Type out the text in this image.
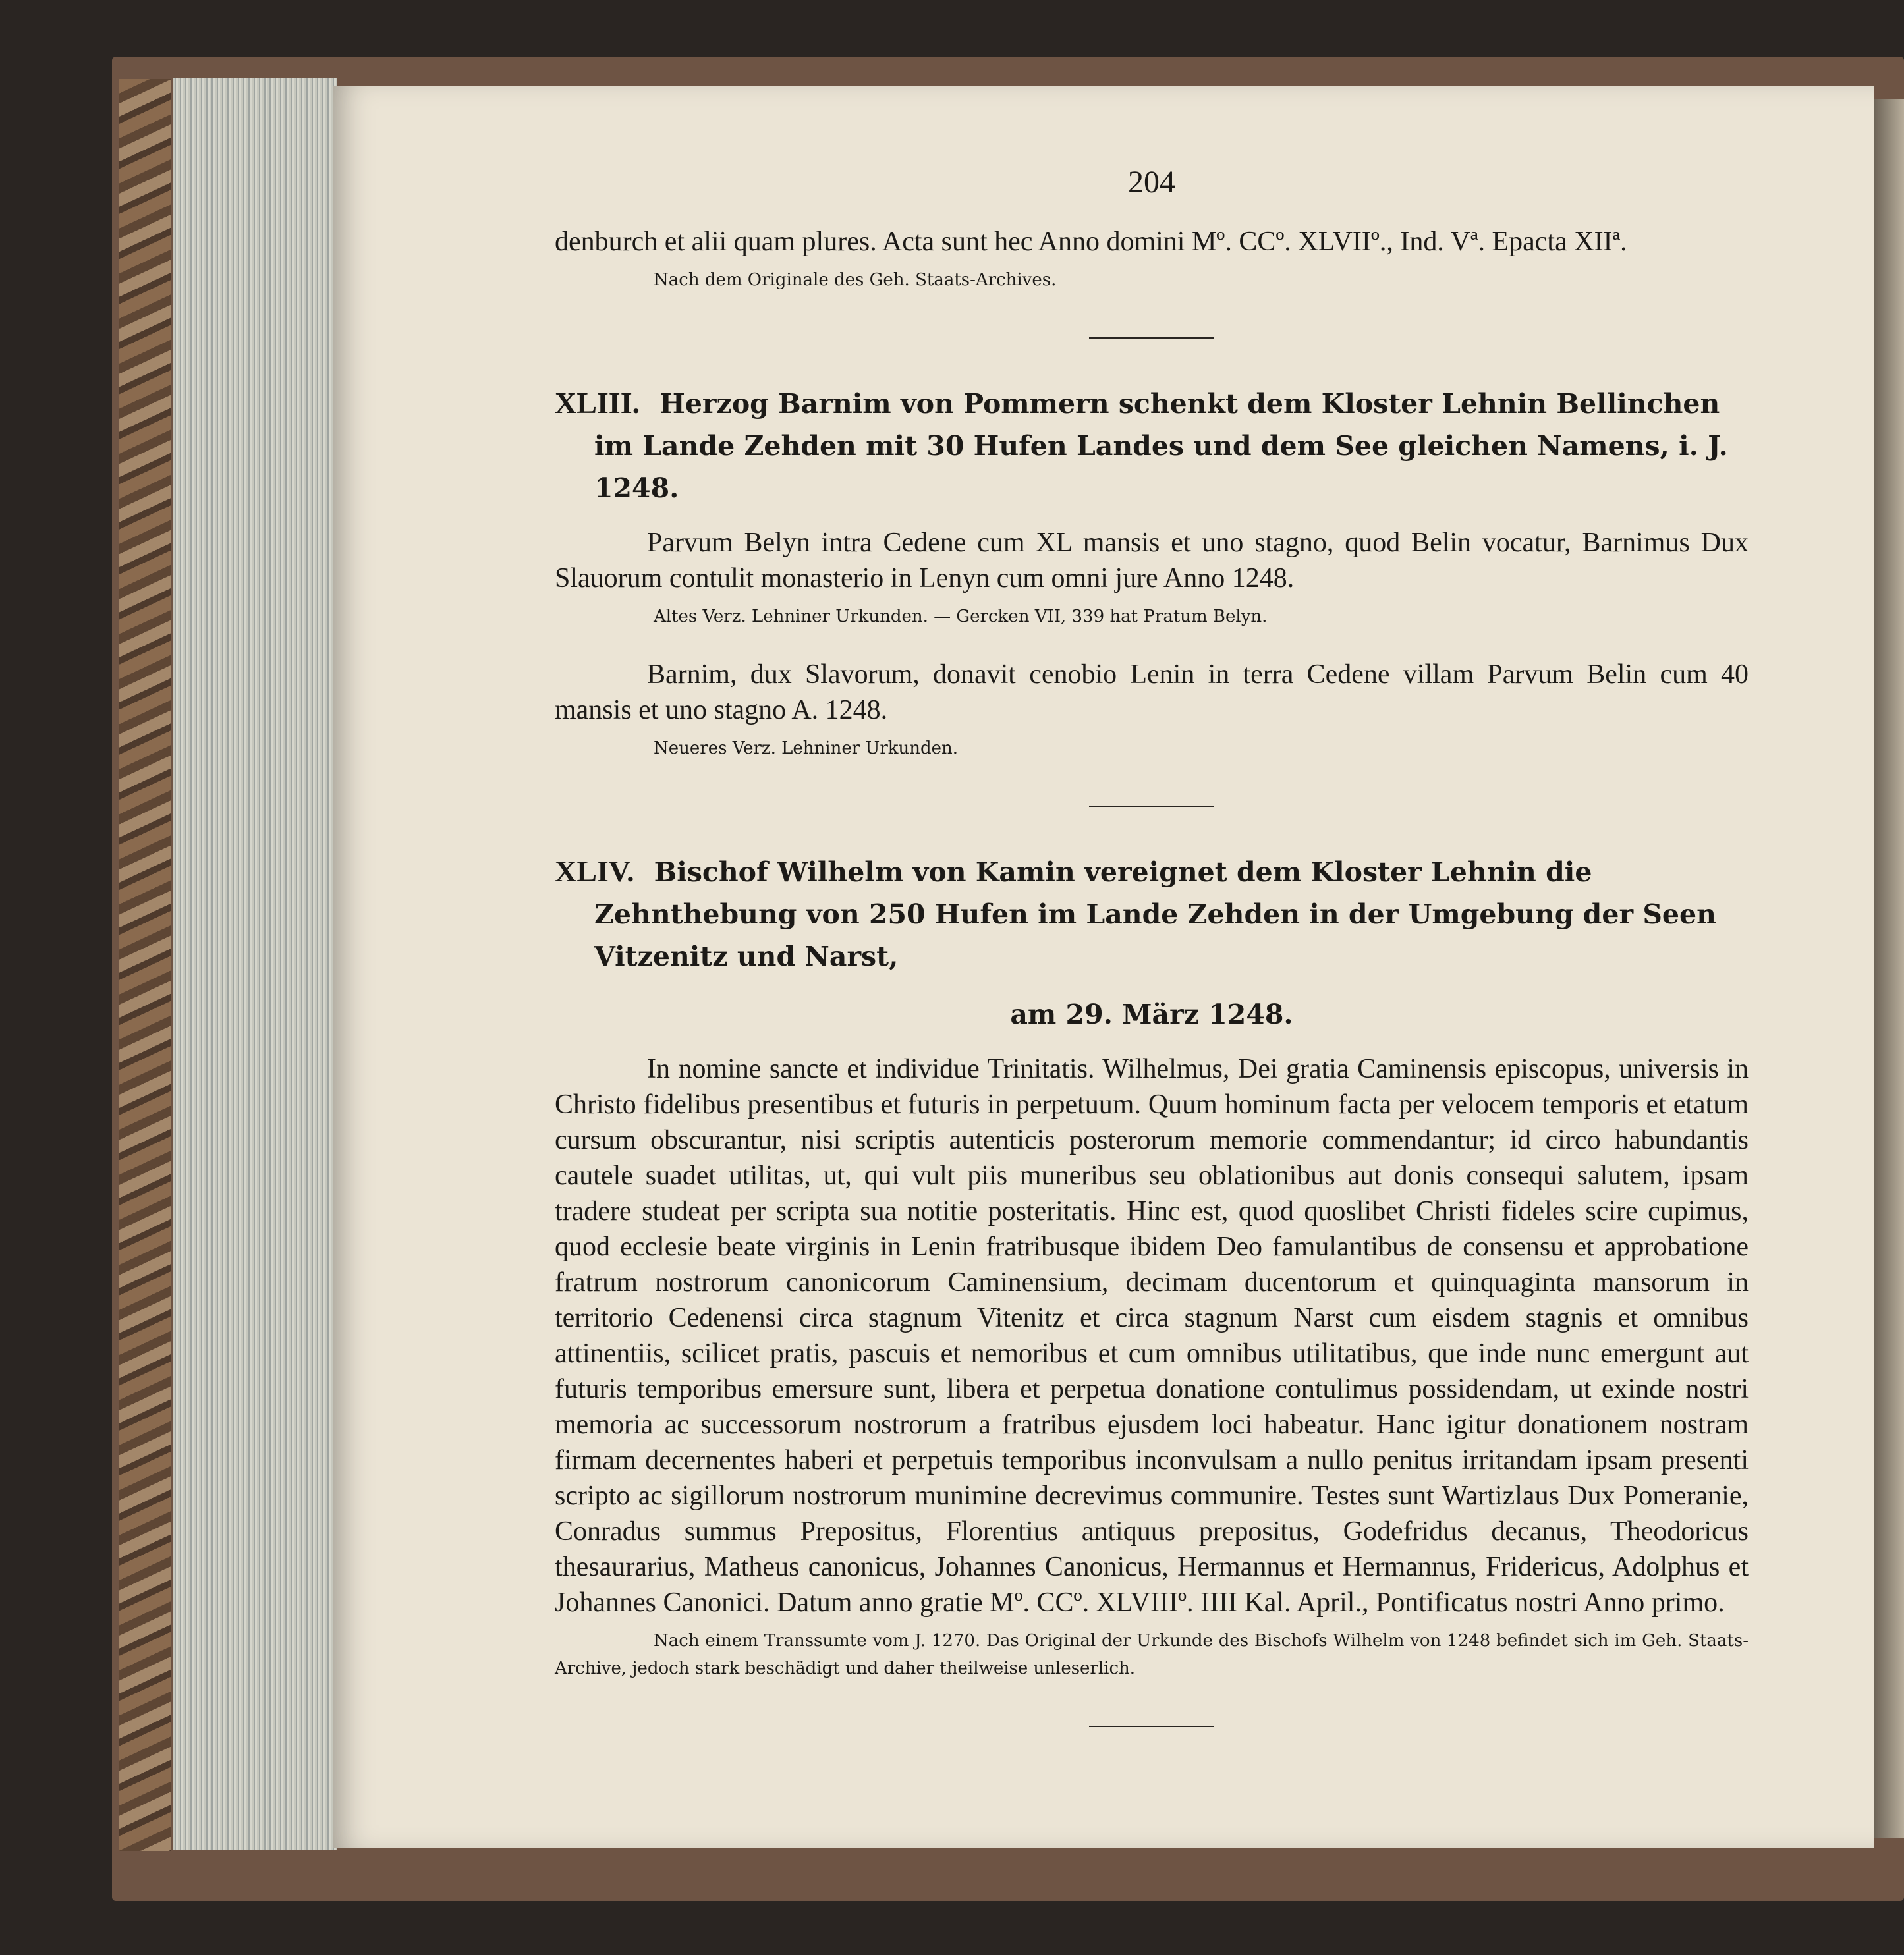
204

denburch et alii quam plures. Acta sunt hec Anno domini Mº. CCº. XLVIIº., Ind. Vª. Epacta XIIª.

Nach dem Originale des Geh. Staats-Archives.

XLIII. Herzog Barnim von Pommern schenkt dem Kloster Lehnin Bellinchen im Lande Zehden mit 30 Hufen Landes und dem See gleichen Namens, i. J. 1248.

Parvum Belyn intra Cedene cum XL mansis et uno stagno, quod Belin vocatur, Barnimus Dux Slauorum contulit monasterio in Lenyn cum omni jure Anno 1248.

Altes Verz. Lehniner Urkunden. — Gercken VII, 339 hat Pratum Belyn.

Barnim, dux Slavorum, donavit cenobio Lenin in terra Cedene villam Parvum Belin cum 40 mansis et uno stagno A. 1248.

Neueres Verz. Lehniner Urkunden.

XLIV. Bischof Wilhelm von Kamin vereignet dem Kloster Lehnin die Zehnthebung von 250 Hufen im Lande Zehden in der Umgebung der Seen Vitzenitz und Narst,
am 29. März 1248.

In nomine sancte et individue Trinitatis. Wilhelmus, Dei gratia Caminensis episcopus, universis in Christo fidelibus presentibus et futuris in perpetuum. Quum hominum facta per velocem temporis et etatum cursum obscurantur, nisi scriptis autenticis posterorum memorie commendantur; id circo habundantis cautele suadet utilitas, ut, qui vult piis muneribus seu oblationibus aut donis consequi salutem, ipsam tradere studeat per scripta sua notitie posteritatis. Hinc est, quod quoslibet Christi fideles scire cupimus, quod ecclesie beate virginis in Lenin fratribusque ibidem Deo famulantibus de consensu et approbatione fratrum nostrorum canonicorum Caminensium, decimam ducentorum et quinquaginta mansorum in territorio Cedenensi circa stagnum Vitenitz et circa stagnum Narst cum eisdem stagnis et omnibus attinentiis, scilicet pratis, pascuis et nemoribus et cum omnibus utilitatibus, que inde nunc emergunt aut futuris temporibus emersure sunt, libera et perpetua donatione contulimus possidendam, ut exinde nostri memoria ac successorum nostrorum a fratribus ejusdem loci habeatur. Hanc igitur donationem nostram firmam decernentes haberi et perpetuis temporibus inconvulsam a nullo penitus irritandam ipsam presenti scripto ac sigillorum nostrorum munimine decrevimus communire. Testes sunt Wartizlaus Dux Pomeranie, Conradus summus Prepositus, Florentius antiquus prepositus, Godefridus decanus, Theodoricus thesaurarius, Matheus canonicus, Johannes Canonicus, Hermannus et Hermannus, Fridericus, Adolphus et Johannes Canonici. Datum anno gratie Mº. CCº. XLVIIIº. IIII Kal. April., Pontificatus nostri Anno primo.

Nach einem Transsumte vom J. 1270. Das Original der Urkunde des Bischofs Wilhelm von 1248 befindet sich im Geh. Staats-Archive, jedoch stark beschädigt und daher theilweise unleserlich.
